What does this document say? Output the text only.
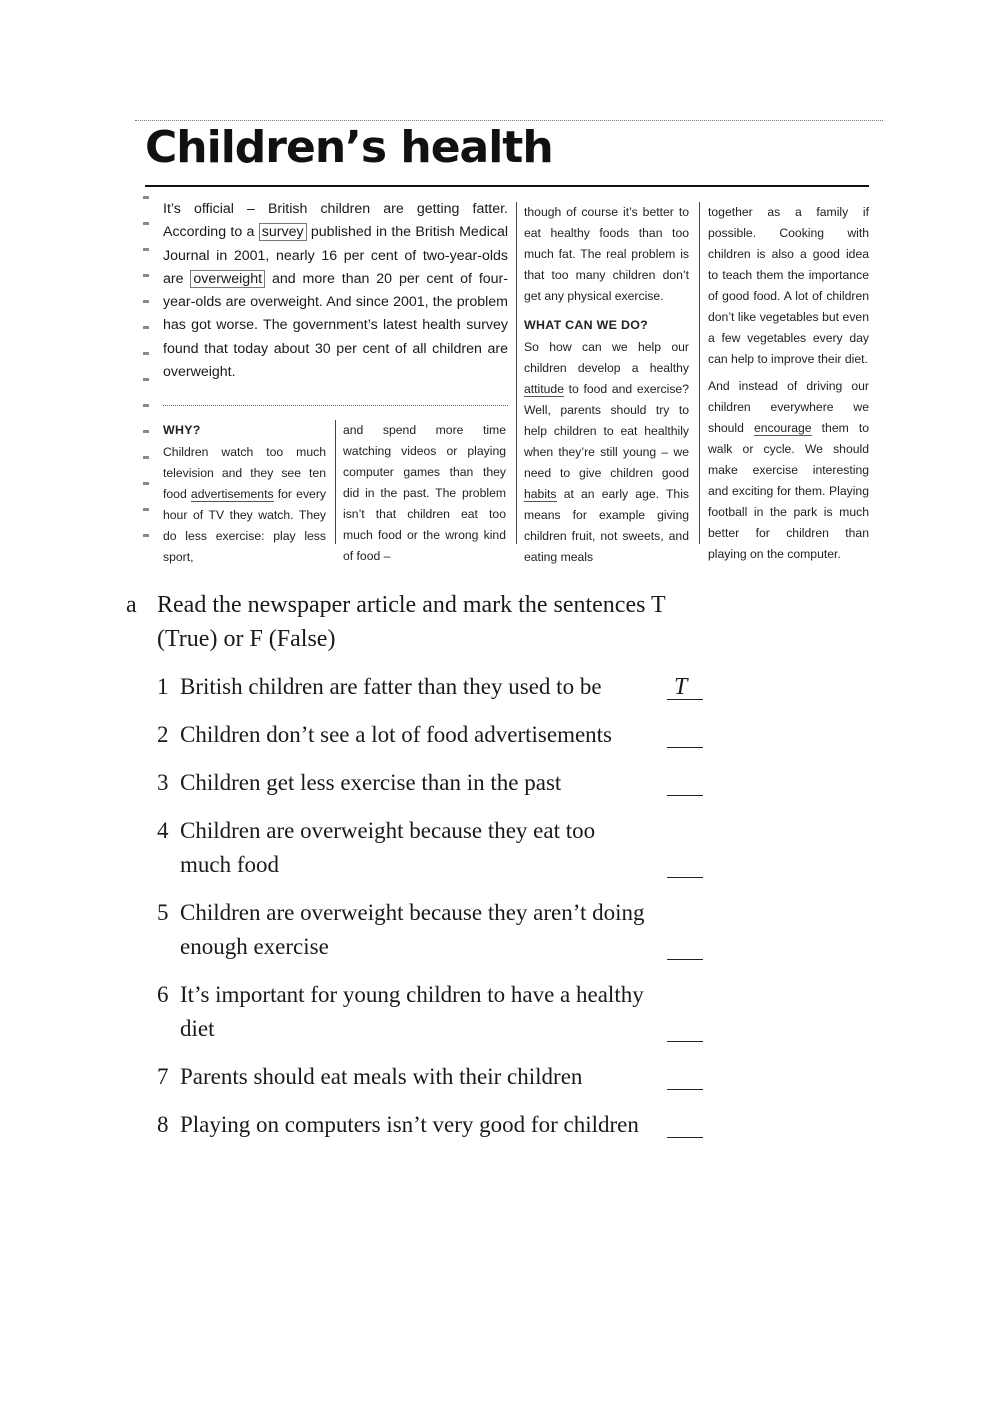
Children’s health

It’s official – British children are getting fatter. According to a survey published in the British Medical Journal in 2001, nearly 16 per cent of two-year-olds are overweight and more than 20 per cent of four-year-olds are overweight. And since 2001, the problem has got worse. The government’s latest health survey found that today about 30 per cent of all children are overweight.

WHY?

Children watch too much television and they see ten food advertisements for every hour of TV they watch. They do less exercise: play less sport,

and spend more time watching videos or playing computer games than they did in the past. The problem isn’t that children eat too much food or the wrong kind of food –

though of course it’s better to eat healthy foods than too much fat. The real problem is that too many children don’t get any physical exercise.

WHAT CAN WE DO?

So how can we help our children develop a healthy attitude to food and exercise? Well, parents should try to help children to eat healthily when they’re still young – we need to give children good habits at an early age. This means for example giving children fruit, not sweets, and eating meals

together as a family if possible. Cooking with children is also a good idea to teach them the importance of good food. A lot of children don’t like vegetables but even a few vegetables every day can help to improve their diet.

And instead of driving our children everywhere we should encourage them to walk or cycle. We should make exercise interesting and exciting for them. Playing football in the park is much better for children than playing on the computer.

a Read the newspaper article and mark the sentences T (True) or F (False)
1 British children are fatter than they used to be	T
2 Children don’t see a lot of food advertisements
3 Children get less exercise than in the past
4 Children are overweight because they eat too much food
5 Children are overweight because they aren’t doing enough exercise
6 It’s important for young children to have a healthy diet
7 Parents should eat meals with their children
8 Playing on computers isn’t very good for children
